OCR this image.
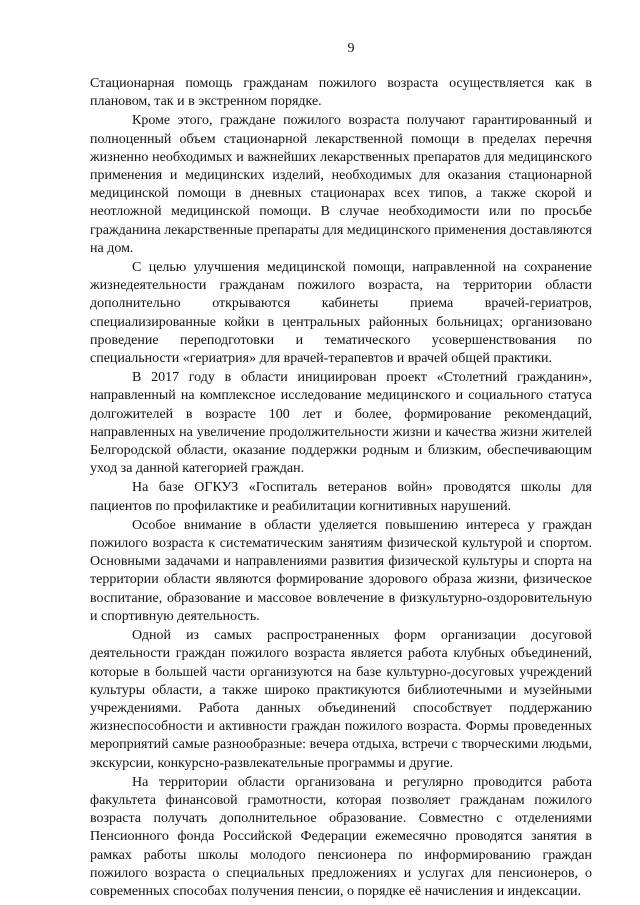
9

Стационарная помощь гражданам пожилого возраста осуществляется как в плановом, так и в экстренном порядке.

Кроме этого, граждане пожилого возраста получают гарантированный и полноценный объем стационарной лекарственной помощи в пределах перечня жизненно необходимых и важнейших лекарственных препаратов для медицинского применения и медицинских изделий, необходимых для оказания стационарной медицинской помощи в дневных стационарах всех типов, а также скорой и неотложной медицинской помощи. В случае необходимости или по просьбе гражданина лекарственные препараты для медицинского применения доставляются на дом.

С целью улучшения медицинской помощи, направленной на сохранение жизнедеятельности гражданам пожилого возраста, на территории области дополнительно открываются кабинеты приема врачей-гериатров, специализированные койки в центральных районных больницах; организовано проведение переподготовки и тематического усовершенствования по специальности «гериатрия» для врачей-терапевтов и врачей общей практики.

В 2017 году в области инициирован проект «Столетний гражданин», направленный на комплексное исследование медицинского и социального статуса долгожителей в возрасте 100 лет и более, формирование рекомендаций, направленных на увеличение продолжительности жизни и качества жизни жителей Белгородской области, оказание поддержки родным и близким, обеспечивающим уход за данной категорией граждан.

На базе ОГКУЗ «Госпиталь ветеранов войн» проводятся школы для пациентов по профилактике и реабилитации когнитивных нарушений.

Особое внимание в области уделяется повышению интереса у граждан пожилого возраста к систематическим занятиям физической культурой и спортом. Основными задачами и направлениями развития физической культуры и спорта на территории области являются формирование здорового образа жизни, физическое воспитание, образование и массовое вовлечение в физкультурно-оздоровительную и спортивную деятельность.

Одной из самых распространенных форм организации досуговой деятельности граждан пожилого возраста является работа клубных объединений, которые в большей части организуются на базе культурно-досуговых учреждений культуры области, а также широко практикуются библиотечными и музейными учреждениями. Работа данных объединений способствует поддержанию жизнеспособности и активности граждан пожилого возраста. Формы проведенных мероприятий самые разнообразные: вечера отдыха, встречи с творческими людьми, экскурсии, конкурсно-развлекательные программы и другие.

На территории области организована и регулярно проводится работа факультета финансовой грамотности, которая позволяет гражданам пожилого возраста получать дополнительное образование. Совместно с отделениями Пенсионного фонда Российской Федерации ежемесячно проводятся занятия в рамках работы школы молодого пенсионера по информированию граждан пожилого возраста о специальных предложениях и услугах для пенсионеров, о современных способах получения пенсии, о порядке её начисления и индексации.
